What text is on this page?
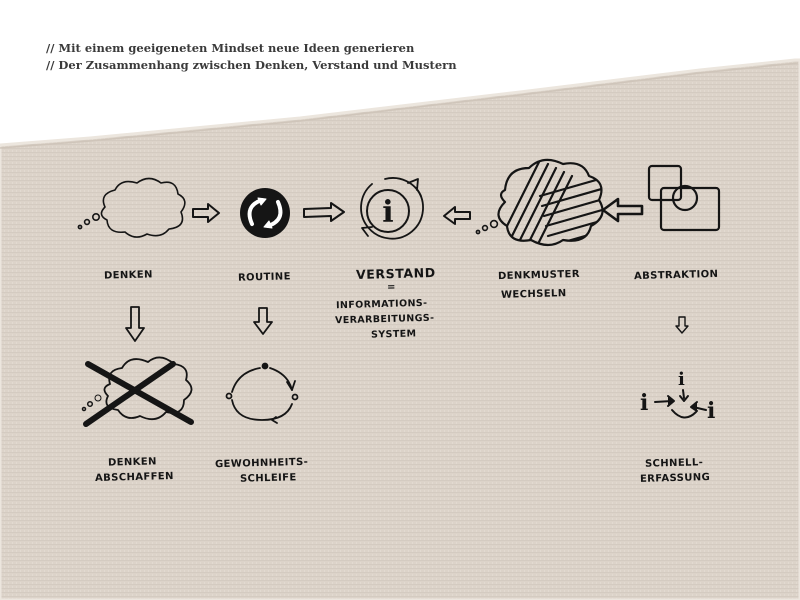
// Mit einem geeigeneten Mindset neue Ideen generieren
// Der Zusammenhang zwischen Denken, Verstand und Mustern
i
i
i
i
DENKEN	ROUTINE	VERSTAND
=
INFORMATIONS-
VERARBEITUNGS-
SYSTEM
DENKMUSTER
WECHSELN
ABSTRAKTION
DENKEN
ABSCHAFFEN
GEWOHNHEITS-
SCHLEIFE
SCHNELL-
ERFASSUNG
